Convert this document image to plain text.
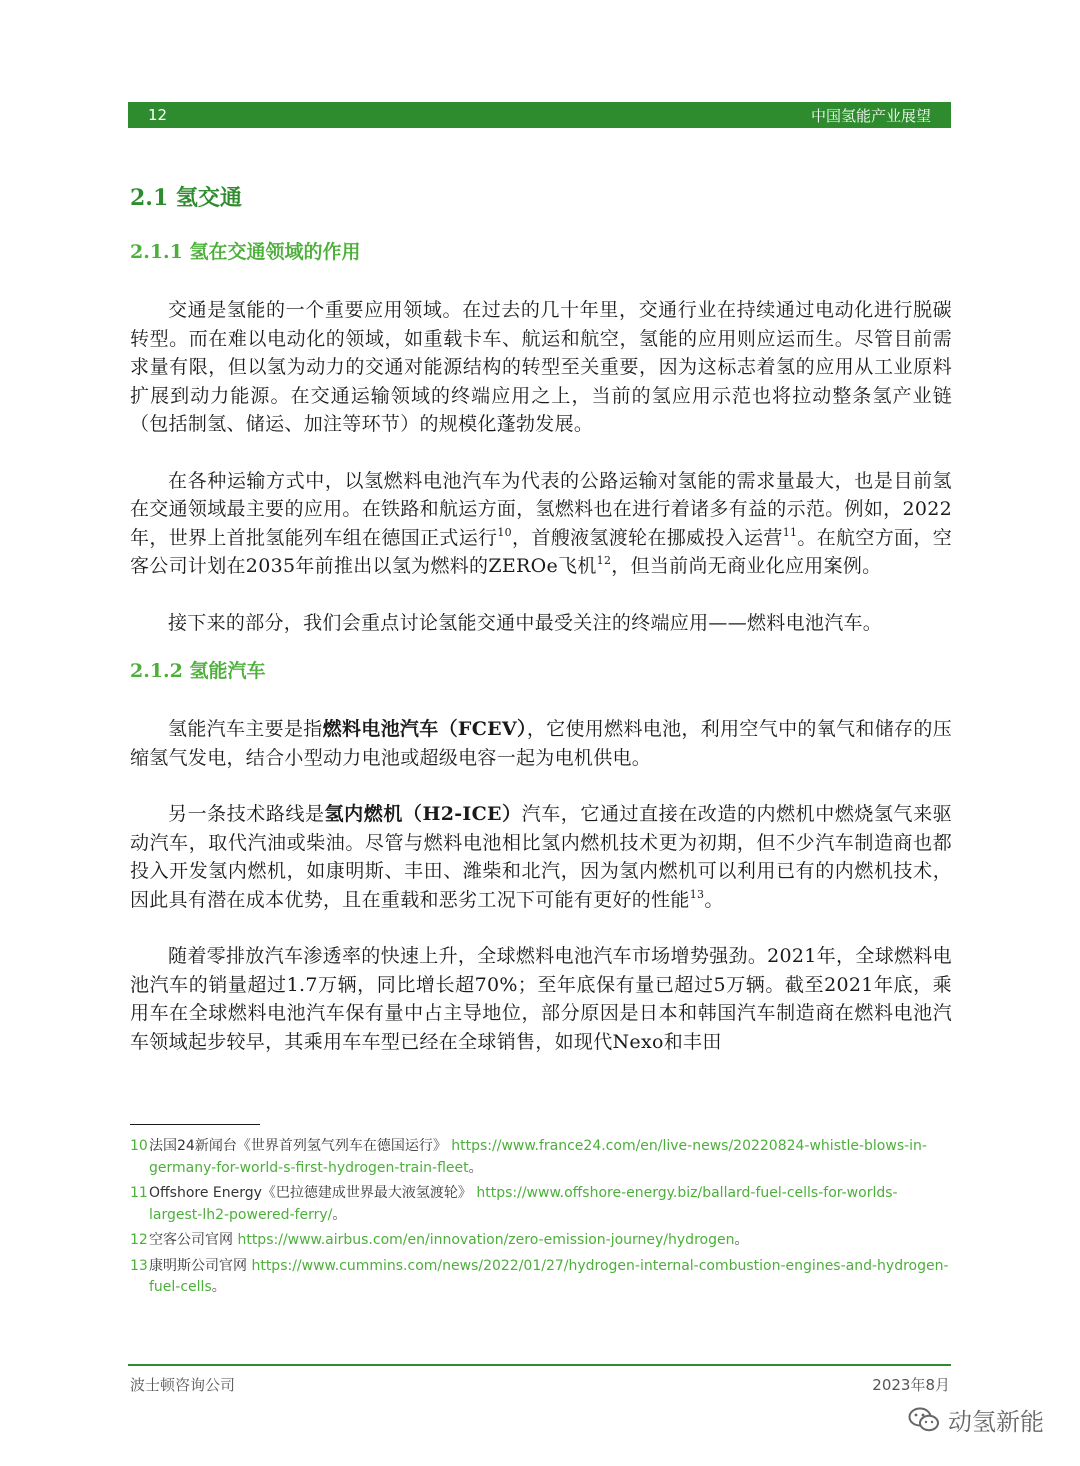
12	中国氢能产业展望
2.1 氢交通
2.1.1 氢在交通领域的作用

交通是氢能的一个重要应用领域。在过去的几十年里，交通行业在持续通过电动化进行脱碳转型。而在难以电动化的领域，如重载卡车、航运和航空，氢能的应用则应运而生。尽管目前需求量有限，但以氢为动力的交通对能源结构的转型至关重要，因为这标志着氢的应用从工业原料扩展到动力能源。在交通运输领域的终端应用之上，当前的氢应用示范也将拉动整条氢产业链（包括制氢、储运、加注等环节）的规模化蓬勃发展。

在各种运输方式中，以氢燃料电池汽车为代表的公路运输对氢能的需求量最大，也是目前氢在交通领域最主要的应用。在铁路和航运方面，氢燃料也在进行着诸多有益的示范。例如，2022年，世界上首批氢能列车组在德国正式运行$^{10}$，首艘液氢渡轮在挪威投入运营$^{11}$。在航空方面，空客公司计划在2035年前推出以氢为燃料的ZEROe飞机$^{12}$，但当前尚无商业化应用案例。

接下来的部分，我们会重点讨论氢能交通中最受关注的终端应用——燃料电池汽车。

2.1.2 氢能汽车

氢能汽车主要是指燃料电池汽车（FCEV），它使用燃料电池，利用空气中的氧气和储存的压缩氢气发电，结合小型动力电池或超级电容一起为电机供电。

另一条技术路线是氢内燃机（H2-ICE）汽车，它通过直接在改造的内燃机中燃烧氢气来驱动汽车，取代汽油或柴油。尽管与燃料电池相比氢内燃机技术更为初期，但不少汽车制造商也都投入开发氢内燃机，如康明斯、丰田、潍柴和北汽，因为氢内燃机可以利用已有的内燃机技术，因此具有潜在成本优势，且在重载和恶劣工况下可能有更好的性能$^{13}$。

随着零排放汽车渗透率的快速上升，全球燃料电池汽车市场增势强劲。2021年，全球燃料电池汽车的销量超过1.7万辆，同比增长超70%；至年底保有量已超过5万辆。截至2021年底，乘用车在全球燃料电池汽车保有量中占主导地位，部分原因是日本和韩国汽车制造商在燃料电池汽车领域起步较早，其乘用车车型已经在全球销售，如现代Nexo和丰田

10 法国24新闻台《世界首列氢气列车在德国运行》 https://www.france24.com/en/live-news/20220824-whistle-blows-in-germany-for-world-s-first-hydrogen-train-fleet。
11 Offshore Energy《巴拉德建成世界最大液氢渡轮》 https://www.offshore-energy.biz/ballard-fuel-cells-for-worlds-largest-lh2-powered-ferry/。
12 空客公司官网 https://www.airbus.com/en/innovation/zero-emission-journey/hydrogen。
13 康明斯公司官网 https://www.cummins.com/news/2022/01/27/hydrogen-internal-combustion-engines-and-hydrogen-fuel-cells。
波士顿咨询公司	2023年8月
动氢新能
